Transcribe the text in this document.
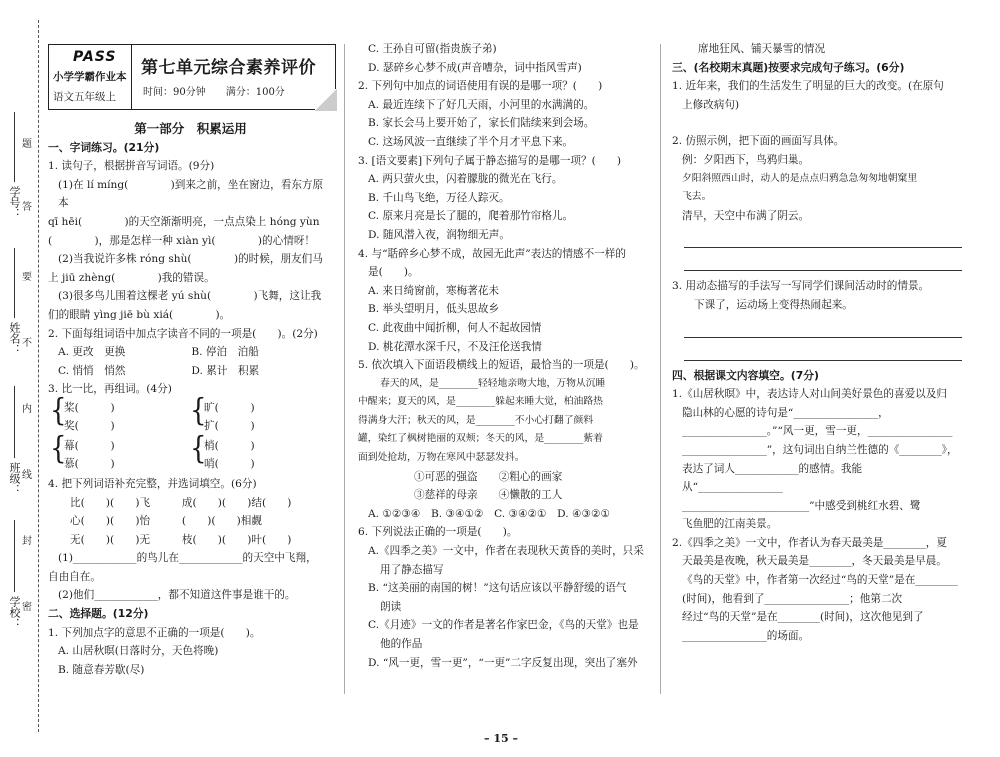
学号：
姓名：
班级：
学校：
题
答
要
不
内
线
封
密
PASS
小学学霸作业本
语文五年级上
第七单元综合素养评价
时间：90分钟　　满分：100分

第一部分　积累运用

一、字词练习。(21分)

1. 读句子，根据拼音写词语。(9分)

(1)在 lí míng(　　　　)到来之前，坐在窗边，看东方原本

qī hēi(　　　　)的天空渐渐明亮，一点点染上 hóng yùn

(　　　　)，那是怎样一种 xiàn yì(　　　　)的心情呀！

(2)当我说许多株 róng shù(　　　　)的时候，朋友们马

上 jiū zhèng(　　　　)我的错误。

(3)很多鸟儿围着这棵老 yú shù(　　　　)飞舞，这让我

们的眼睛 yìng jiē bù xiá(　　　　)。

2. 下面每组词语中加点字读音不同的一项是(　　)。(2分)

A. 更改　更换	B. 停泊　泊船

C. 悄悄　悄然	D. 累计　积累

3. 比一比，再组词。(4分)

{
桨(　　　)
奖(　　　)	{
旷(　　　)
扩(　　　)
{
幕(　　　)
慕(　　　)	{
梢(　　　)
哨(　　　)

4. 把下列词语补充完整，并选词填空。(6分)

比(　　)(　　)飞　　　成(　　)(　　)结(　　)

心(　　)(　　)怡　　　(　　)(　　)相觑

无(　　)(　　)无　　　枝(　　)(　　)叶(　　)

(1)____________的鸟儿在____________的天空中飞翔，

自由自在。

(2)他们____________，都不知道这件事是谁干的。

二、选择题。(12分)

1. 下列加点字的意思不正确的一项是(　　)。

A. 山居秋暝(日落时分，天色将晚)

B. 随意春芳歇(尽)

C. 王孙自可留(指贵族子弟)

D. 瑟碎乡心梦不成(声音嘈杂，词中指风雪声)

2. 下列句中加点的词语使用有误的是哪一项？(　　)

A. 最近连续下了好几天雨，小河里的水满满的。

B. 家长会马上要开始了，家长们陆续来到会场。

C. 这场风波一直继续了半个月才平息下来。

3. [语文要素]下列句子属于静态描写的是哪一项？(　　)

A. 两只萤火虫，闪着朦胧的微光在飞行。

B. 千山鸟飞绝，万径人踪灭。

C. 原来月亮是长了腿的，爬着那竹帘格儿。

D. 随风潜入夜，润物细无声。

4. 与“聒碎乡心梦不成，故园无此声”表达的情感不一样的

是(　　)。

A. 来日绮窗前，寒梅著花未

B. 举头望明月，低头思故乡

C. 此夜曲中闻折柳，何人不起故园情

D. 桃花潭水深千尺，不及汪伦送我情

5. 依次填入下面语段横线上的短语，最恰当的一项是(　　)。

春天的风，是________轻轻地亲吻大地，万物从沉睡

中醒来；夏天的风，是________躲起来睡大觉，柏油路热

得满身大汗；秋天的风，是________不小心打翻了颜料

罐，染红了枫树艳丽的双颊；冬天的风，是________紫着

面到处抢劫，万物在寒风中瑟瑟发抖。

①可恶的强盗　　②粗心的画家

③慈祥的母亲　　④懒散的工人

A. ①②③④　B. ③④①②　C. ③④②①　D. ④③②①

6. 下列说法正确的一项是(　　)。

A.《四季之美》一文中，作者在表现秋天黄昏的美时，只采

用了静态描写

B. “这美丽的南国的树！”这句话应该以平静舒缓的语气

朗读

C.《月迹》一文的作者是著名作家巴金，《鸟的天堂》也是

他的作品

D. “风一更，雪一更”，“一更”二字反复出现，突出了塞外

席地狂风、铺天暴雪的情况

三、(名校期末真题)按要求完成句子练习。(6分)

1. 近年来，我们的生活发生了明显的巨大的改变。(在原句

上修改病句)

2. 仿照示例，把下面的画面写具体。

例：夕阳西下，鸟鸦归巢。

夕阳斜照西山时，动人的是点点归鸦急急匆匆地朝窠里

飞去。

清早，天空中布满了阴云。

3. 用动态描写的手法写一写同学们课间活动时的情景。

下课了，运动场上变得热闹起来。

四、根据课文内容填空。(7分)

1.《山居秋暝》中，表达诗人对山间美好景色的喜爱以及归

隐山林的心愿的诗句是“________________，

________________。”“风一更，雪一更，________________

________________”，这句词出自纳兰性德的《________》，

表达了词人____________的感情。我能从“________________

________________________”中感受到桃红水碧、鹭

飞鱼肥的江南美景。

2.《四季之美》一文中，作者认为春天最美是________，夏

天最美是夜晚，秋天最美是________，冬天最美是早晨。

《鸟的天堂》中，作者第一次经过“鸟的天堂”是在________

(时间)，他看到了________________；他第二次

经过“鸟的天堂”是在________(时间)，这次他见到了

________________的场面。

– 15 –
